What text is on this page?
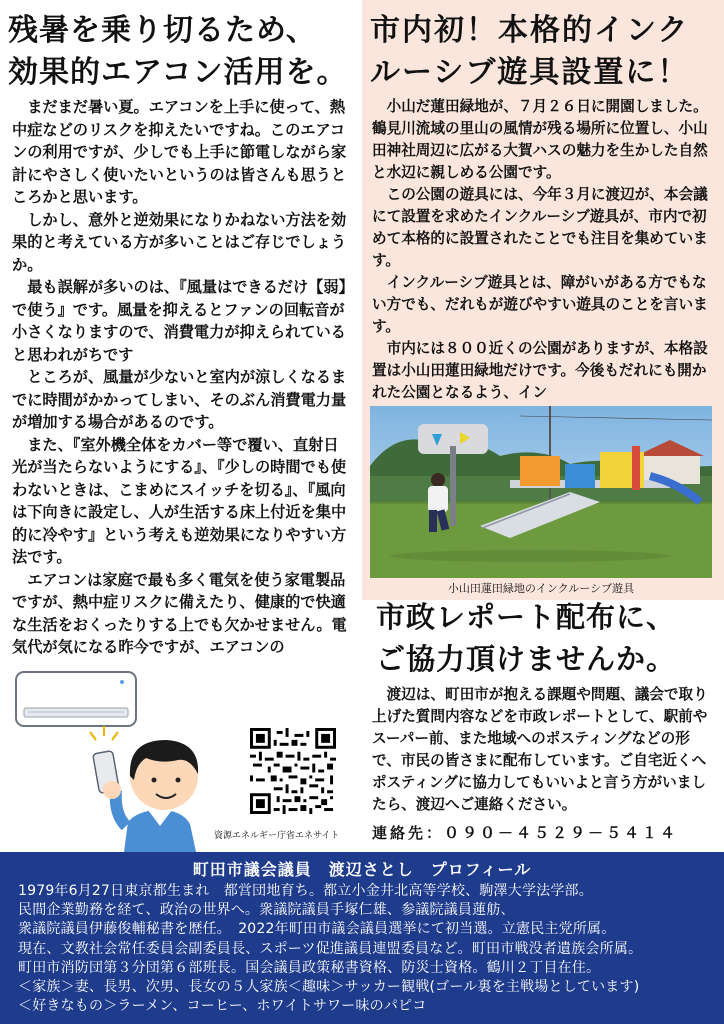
残暑を乗り切るため、
効果的エアコン活用を。

まだまだ暑い夏。エアコンを上手に使って、熱中症などのリスクを抑えたいですね。このエアコンの利用ですが、少しでも上手に節電しながら家計にやさしく使いたいというのは皆さんも思うところかと思います。

しかし、意外と逆効果になりかねない方法を効果的と考えている方が多いことはご存じでしょうか。

最も誤解が多いのは、『風量はできるだけ【弱】で使う』です。風量を抑えるとファンの回転音が小さくなりますので、消費電力が抑えられていると思われがちです

ところが、風量が少ないと室内が涼しくなるまでに時間がかかってしまい、そのぶん消費電力量が増加する場合があるのです。

また、『室外機全体をカバー等で覆い、直射日光が当たらないようにする』、『少しの時間でも使わないときは、こまめにスイッチを切る』、『風向は下向きに設定し、人が生活する床上付近を集中的に冷やす』という考えも逆効果になりやすい方法です。

エアコンは家庭で最も多く電気を使う家電製品ですが、熱中症リスクに備えたり、健康的で快適な生活をおくったりする上でも欠かせません。電気代が気になる昨今ですが、エアコンの

資源エネルギー庁省エネサイト
市内初！本格的インク
ルーシブ遊具設置に！

小山だ蓮田緑地が、７月２６日に開園しました。鶴見川流域の里山の風情が残る場所に位置し、小山田神社周辺に広がる大賀ハスの魅力を生かした自然と水辺に親しめる公園です。

この公園の遊具には、今年３月に渡辺が、本会議にて設置を求めたインクルーシブ遊具が、市内で初めて本格的に設置されたことでも注目を集めています。

インクルーシブ遊具とは、障がいがある方でもない方でも、だれもが遊びやすい遊具のことを言います。

市内には８００近くの公園がありますが、本格設置は小山田蓮田緑地だけです。今後もだれにも開かれた公園となるよう、イン

小山田蓮田緑地のインクルーシブ遊具
市政レポート配布に、
ご協力頂けませんか。

渡辺は、町田市が抱える課題や問題、議会で取り上げた質問内容などを市政レポートとして、駅前やスーパー前、また地域へのポスティングなどの形で、市民の皆さまに配布しています。ご自宅近くへポスティングに協力してもいいよと言う方がいましたら、渡辺へご連絡ください。

連絡先：０９０－４５２９－５４１４
町田市議会議員　渡辺さとし　プロフィール
1979年6月27日東京都生まれ　都営団地育ち。都立小金井北高等学校、駒澤大学法学部。
民間企業勤務を経て、政治の世界へ。衆議院議員手塚仁雄、参議院議員蓮舫、
衆議院議員伊藤俊輔秘書を歴任。　2022年町田市議会議員選挙にて初当選。立憲民主党所属。
現在、文教社会常任委員会副委員長、スポーツ促進議員連盟委員など。町田市戦没者遺族会所属。
町田市消防団第３分団第６部班長。国会議員政策秘書資格、防災士資格。鶴川２丁目在住。
＜家族＞妻、長男、次男、長女の５人家族＜趣味＞サッカー観戦(ゴール裏を主戦場としています)
＜好きなもの＞ラーメン、コーヒー、ホワイトサワー味のパピコ
